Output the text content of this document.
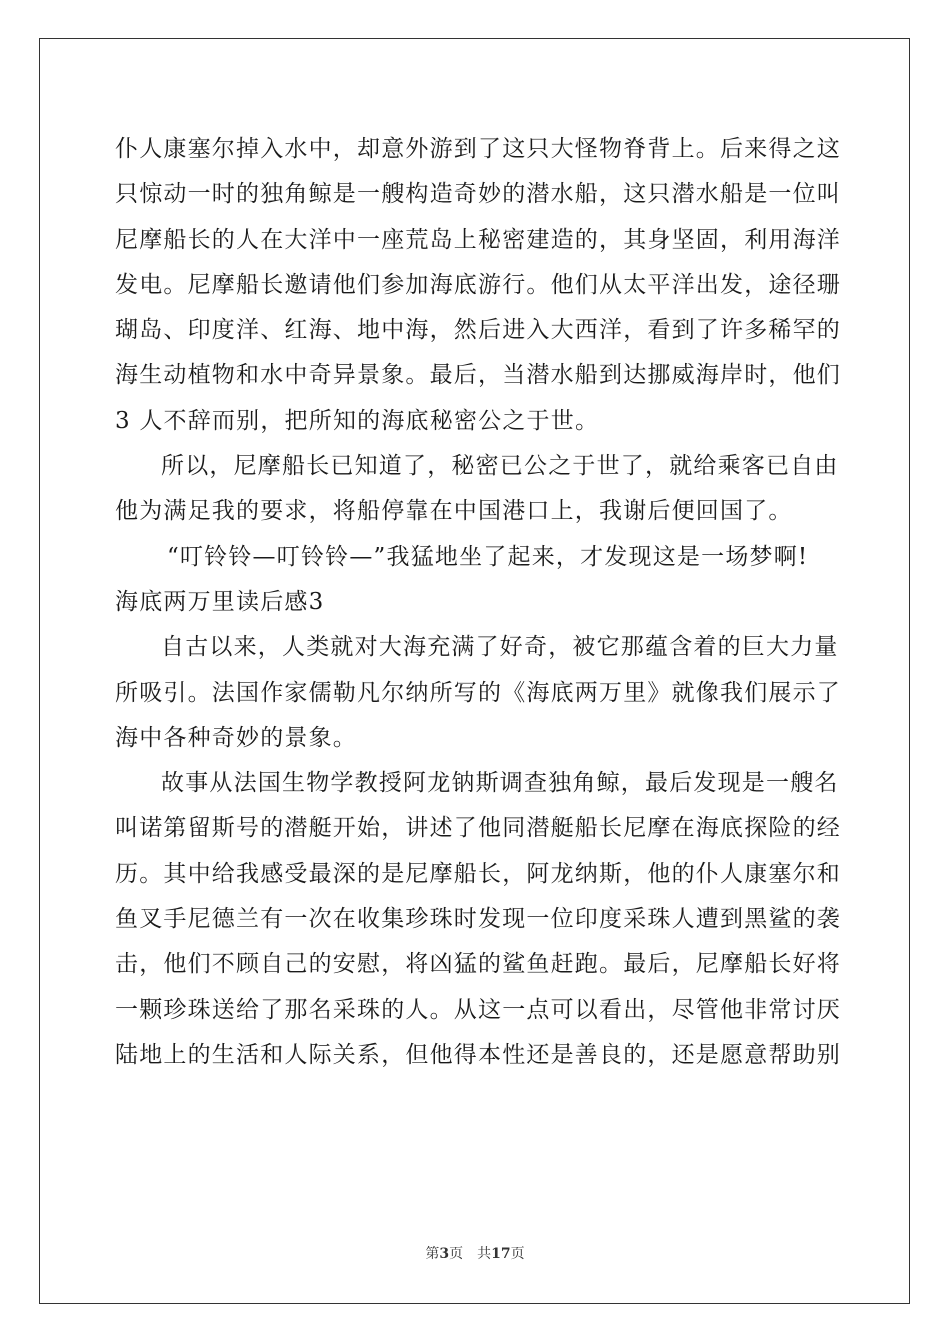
仆人康塞尔掉入水中，却意外游到了这只大怪物脊背上。后来得之这
只惊动一时的独角鲸是一艘构造奇妙的潜水船，这只潜水船是一位叫
尼摩船长的人在大洋中一座荒岛上秘密建造的，其身坚固，利用海洋
发电。尼摩船长邀请他们参加海底游行。他们从太平洋出发，途径珊
瑚岛、印度洋、红海、地中海，然后进入大西洋，看到了许多稀罕的
海生动植物和水中奇异景象。最后，当潜水船到达挪威海岸时，他们
3 人不辞而别，把所知的海底秘密公之于世。
所以，尼摩船长已知道了，秘密已公之于世了，就给乘客已自由
他为满足我的要求，将船停靠在中国港口上，我谢后便回国了。
“叮铃铃—叮铃铃—”我猛地坐了起来，才发现这是一场梦啊!
海底两万里读后感3
自古以来，人类就对大海充满了好奇，被它那蕴含着的巨大力量
所吸引。法国作家儒勒凡尔纳所写的《海底两万里》就像我们展示了
海中各种奇妙的景象。
故事从法国生物学教授阿龙钠斯调查独角鲸，最后发现是一艘名
叫诺第留斯号的潜艇开始，讲述了他同潜艇船长尼摩在海底探险的经
历。其中给我感受最深的是尼摩船长，阿龙纳斯，他的仆人康塞尔和
鱼叉手尼德兰有一次在收集珍珠时发现一位印度采珠人遭到黑鲨的袭
击，他们不顾自己的安慰，将凶猛的鲨鱼赶跑。最后，尼摩船长好将
一颗珍珠送给了那名采珠的人。从这一点可以看出，尽管他非常讨厌
陆地上的生活和人际关系，但他得本性还是善良的，还是愿意帮助别
第3页　共17页
